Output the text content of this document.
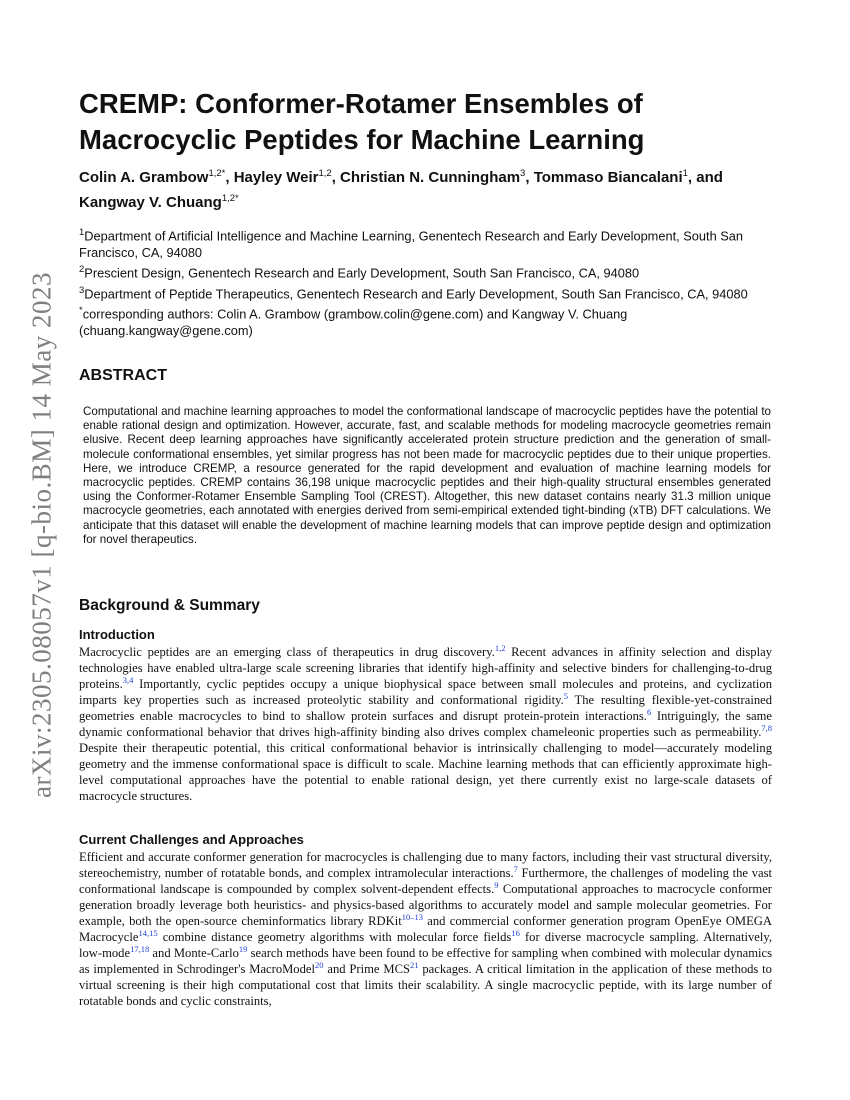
arXiv:2305.08057v1 [q-bio.BM] 14 May 2023
CREMP: Conformer-Rotamer Ensembles of Macrocyclic Peptides for Machine Learning
Colin A. Grambow$^{1,2*}$, Hayley Weir$^{1,2}$, Christian N. Cunningham$^3$, Tommaso Biancalani$^1$, and Kangway V. Chuang$^{1,2*}$

$^1$Department of Artificial Intelligence and Machine Learning, Genentech Research and Early Development, South San Francisco, CA, 94080

$^2$Prescient Design, Genentech Research and Early Development, South San Francisco, CA, 94080

$^3$Department of Peptide Therapeutics, Genentech Research and Early Development, South San Francisco, CA, 94080

*corresponding authors: Colin A. Grambow (grambow.colin@gene.com) and Kangway V. Chuang (chuang.kangway@gene.com)

ABSTRACT

Computational and machine learning approaches to model the conformational landscape of macrocyclic peptides have the potential to enable rational design and optimization. However, accurate, fast, and scalable methods for modeling macrocycle geometries remain elusive. Recent deep learning approaches have significantly accelerated protein structure prediction and the generation of small-molecule conformational ensembles, yet similar progress has not been made for macrocyclic peptides due to their unique properties. Here, we introduce CREMP, a resource generated for the rapid development and evaluation of machine learning models for macrocyclic peptides. CREMP contains 36,198 unique macrocyclic peptides and their high-quality structural ensembles generated using the Conformer-Rotamer Ensemble Sampling Tool (CREST). Altogether, this new dataset contains nearly 31.3 million unique macrocycle geometries, each annotated with energies derived from semi-empirical extended tight-binding (xTB) DFT calculations. We anticipate that this dataset will enable the development of machine learning models that can improve peptide design and optimization for novel therapeutics.

Background & Summary
Introduction

Macrocyclic peptides are an emerging class of therapeutics in drug discovery.$^{1,2}$ Recent advances in affinity selection and display technologies have enabled ultra-large scale screening libraries that identify high-affinity and selective binders for challenging-to-drug proteins.$^{3,4}$ Importantly, cyclic peptides occupy a unique biophysical space between small molecules and proteins, and cyclization imparts key properties such as increased proteolytic stability and conformational rigidity.$^5$ The resulting flexible-yet-constrained geometries enable macrocycles to bind to shallow protein surfaces and disrupt protein-protein interactions.$^6$ Intriguingly, the same dynamic conformational behavior that drives high-affinity binding also drives complex chameleonic properties such as permeability.$^{7,8}$ Despite their therapeutic potential, this critical conformational behavior is intrinsically challenging to model—accurately modeling geometry and the immense conformational space is difficult to scale. Machine learning methods that can efficiently approximate high-level computational approaches have the potential to enable rational design, yet there currently exist no large-scale datasets of macrocycle structures.

Current Challenges and Approaches

Efficient and accurate conformer generation for macrocycles is challenging due to many factors, including their vast structural diversity, stereochemistry, number of rotatable bonds, and complex intramolecular interactions.$^7$ Furthermore, the challenges of modeling the vast conformational landscape is compounded by complex solvent-dependent effects.$^9$ Computational approaches to macrocycle conformer generation broadly leverage both heuristics- and physics-based algorithms to accurately model and sample molecular geometries. For example, both the open-source cheminformatics library RDKit$^{10-13}$ and commercial conformer generation program OpenEye OMEGA Macrocycle$^{14,15}$ combine distance geometry algorithms with molecular force fields$^{16}$ for diverse macrocycle sampling. Alternatively, low-mode$^{17,18}$ and Monte-Carlo$^{19}$ search methods have been found to be effective for sampling when combined with molecular dynamics as implemented in Schrodinger's MacroModel$^{20}$ and Prime MCS$^{21}$ packages. A critical limitation in the application of these methods to virtual screening is their high computational cost that limits their scalability. A single macrocyclic peptide, with its large number of rotatable bonds and cyclic constraints,
